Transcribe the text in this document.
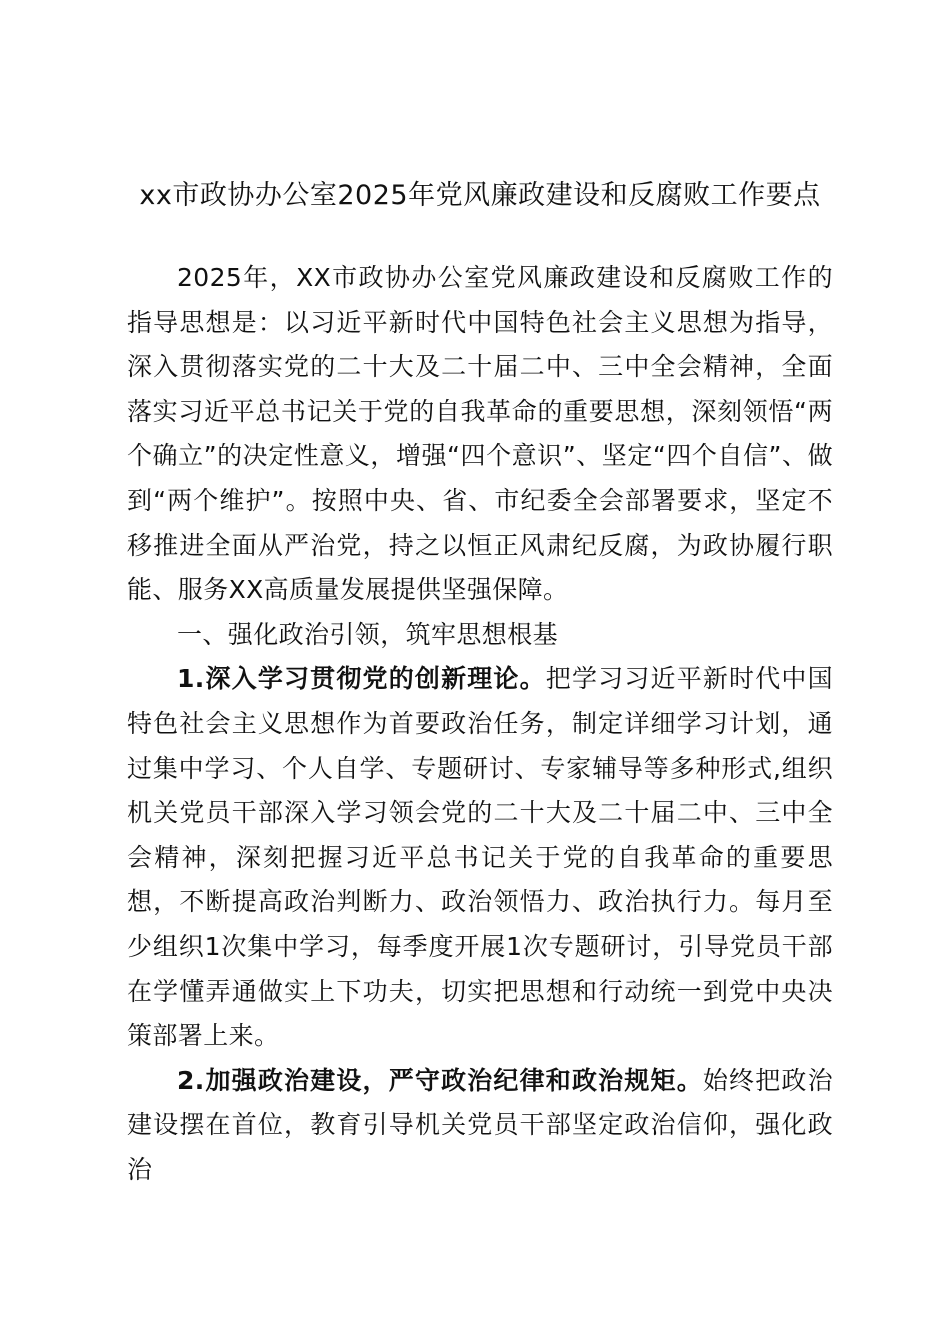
xx市政协办公室2025年党风廉政建设和反腐败工作要点

2025年，XX市政协办公室党风廉政建设和反腐败工作的指导思想是：以习近平新时代中国特色社会主义思想为指导，深入贯彻落实党的二十大及二十届二中、三中全会精神，全面落实习近平总书记关于党的自我革命的重要思想，深刻领悟“两个确立”的决定性意义，增强“四个意识”、坚定“四个自信”、做到“两个维护”。按照中央、省、市纪委全会部署要求，坚定不移推进全面从严治党，持之以恒正风肃纪反腐，为政协履行职能、服务XX高质量发展提供坚强保障。

一、强化政治引领，筑牢思想根基

1.深入学习贯彻党的创新理论。把学习习近平新时代中国特色社会主义思想作为首要政治任务，制定详细学习计划，通过集中学习、个人自学、专题研讨、专家辅导等多种形式,组织机关党员干部深入学习领会党的二十大及二十届二中、三中全会精神，深刻把握习近平总书记关于党的自我革命的重要思想，不断提高政治判断力、政治领悟力、政治执行力。每月至少组织1次集中学习，每季度开展1次专题研讨，引导党员干部在学懂弄通做实上下功夫，切实把思想和行动统一到党中央决策部署上来。

2.加强政治建设，严守政治纪律和政治规矩。始终把政治建设摆在首位，教育引导机关党员干部坚定政治信仰，强化政治
